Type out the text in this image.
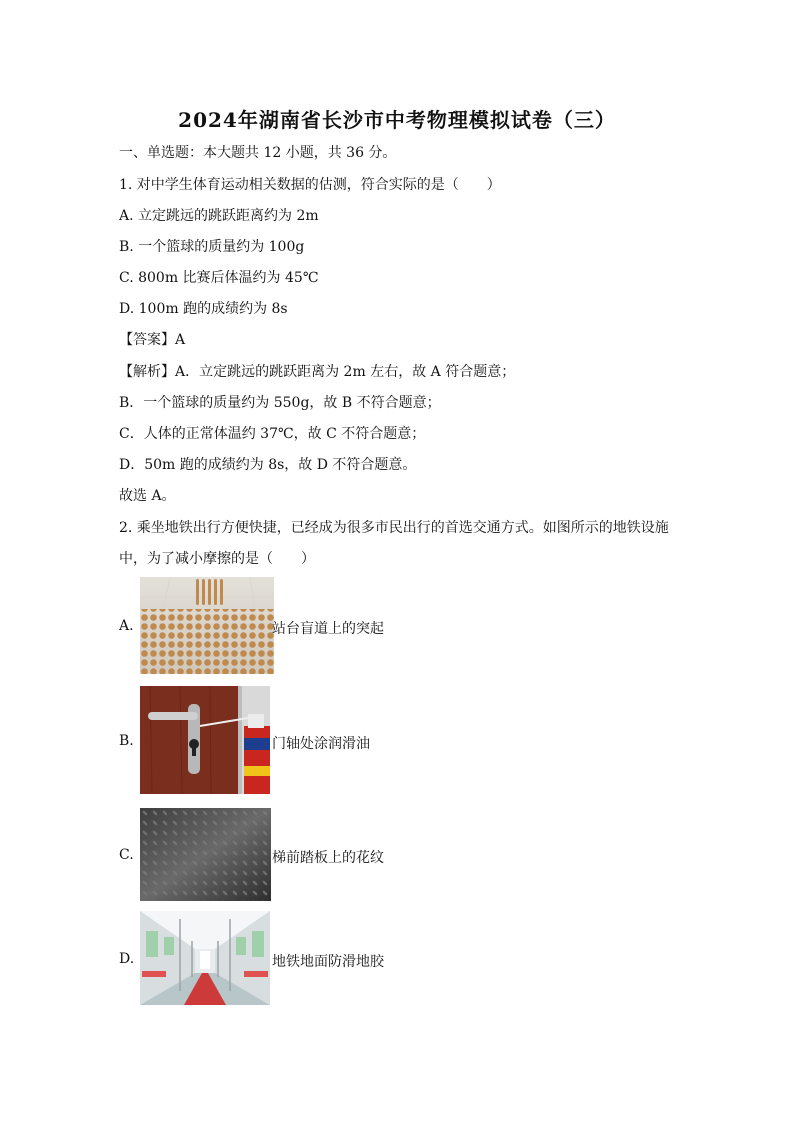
2024年湖南省长沙市中考物理模拟试卷（三）
一、单选题：本大题共 12 小题，共 36 分。
1. 对中学生体育运动相关数据的估测，符合实际的是（　　）
A. 立定跳远的跳跃距离约为 2m
B. 一个篮球的质量约为 100g
C. 800m 比赛后体温约为 45℃
D. 100m 跑的成绩约为 8s
【答案】A
【解析】A．立定跳远的跳跃距离为 2m 左右，故 A 符合题意；
B．一个篮球的质量约为 550g，故 B 不符合题意；
C．人体的正常体温约 37℃，故 C 不符合题意；
D．50m 跑的成绩约为 8s，故 D 不符合题意。
故选 A。
2. 乘坐地铁出行方便快捷，已经成为很多市民出行的首选交通方式。如图所示的地铁设施
中，为了减小摩擦的是（　　）
A.	站台盲道上的突起
B.	门轴处涂润滑油
C.	梯前踏板上的花纹
D.	地铁地面防滑地胶
